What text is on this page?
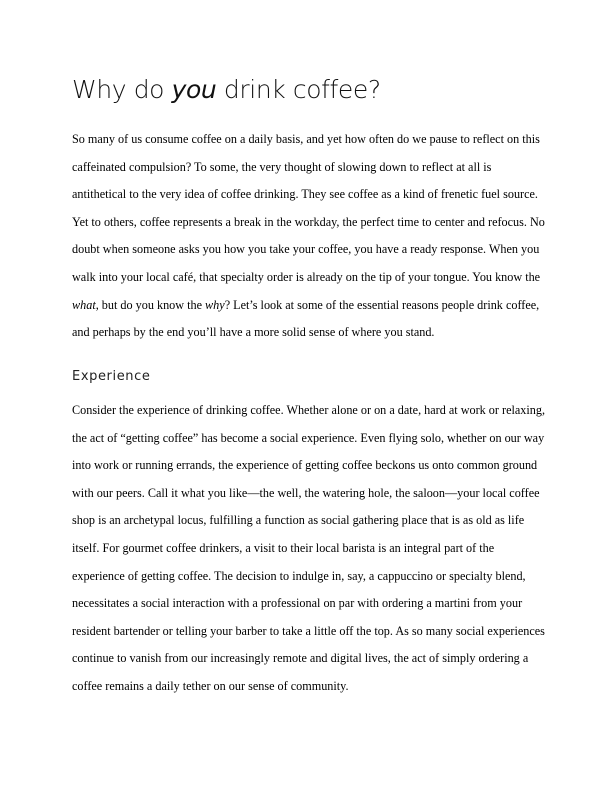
Why do you drink coffee?
So many of us consume coffee on a daily basis, and yet how often do we pause to reflect on this
caffeinated compulsion? To some, the very thought of slowing down to reflect at all is
antithetical to the very idea of coffee drinking. They see coffee as a kind of frenetic fuel source.
Yet to others, coffee represents a break in the workday, the perfect time to center and refocus. No
doubt when someone asks you how you take your coffee, you have a ready response. When you
walk into your local café, that specialty order is already on the tip of your tongue. You know the
what, but do you know the why? Let’s look at some of the essential reasons people drink coffee,
and perhaps by the end you’ll have a more solid sense of where you stand.
Experience
Consider the experience of drinking coffee. Whether alone or on a date, hard at work or relaxing,
the act of “getting coffee” has become a social experience. Even flying solo, whether on our way
into work or running errands, the experience of getting coffee beckons us onto common ground
with our peers. Call it what you like—the well, the watering hole, the saloon—your local coffee
shop is an archetypal locus, fulfilling a function as social gathering place that is as old as life
itself. For gourmet coffee drinkers, a visit to their local barista is an integral part of the
experience of getting coffee. The decision to indulge in, say, a cappuccino or specialty blend,
necessitates a social interaction with a professional on par with ordering a martini from your
resident bartender or telling your barber to take a little off the top. As so many social experiences
continue to vanish from our increasingly remote and digital lives, the act of simply ordering a
coffee remains a daily tether on our sense of community.
